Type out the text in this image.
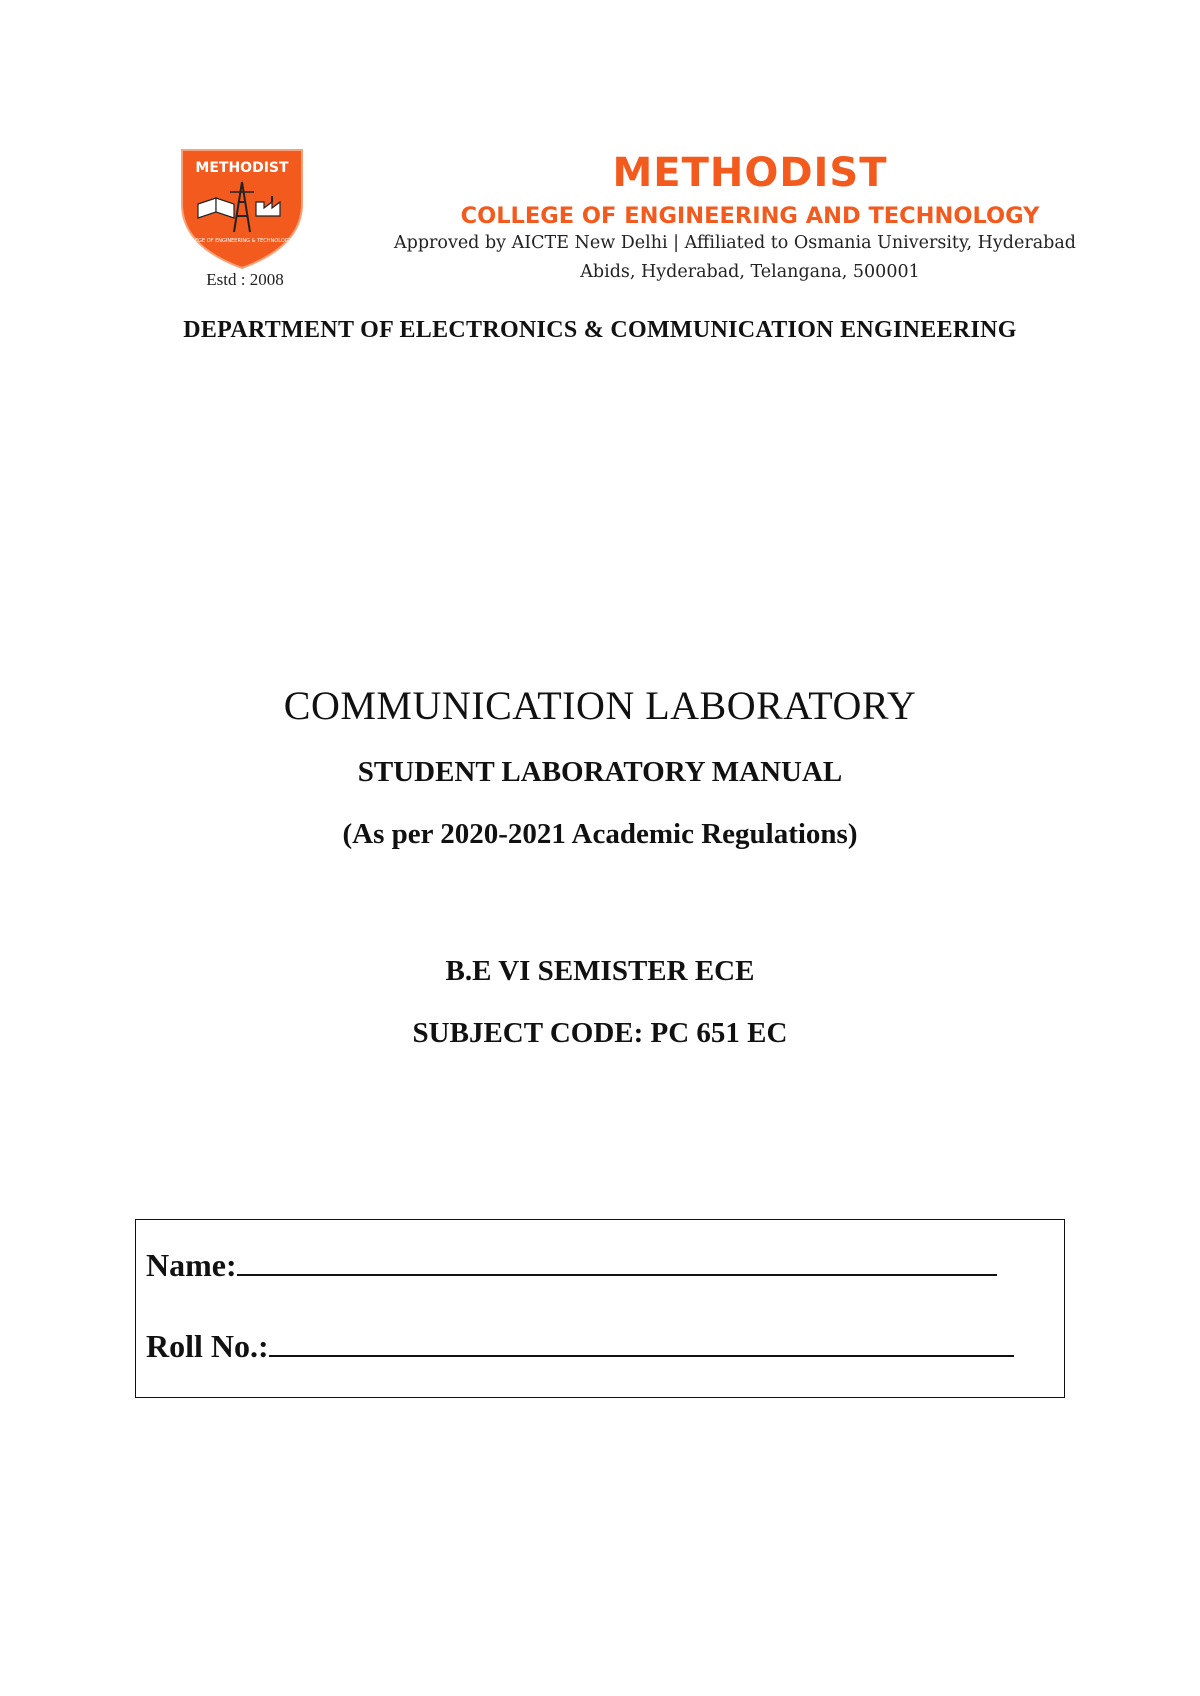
METHODIST
COLLEGE OF ENGINEERING & TECHNOLOGY O.U
Estd : 2008
METHODIST
COLLEGE OF ENGINEERING AND TECHNOLOGY
Approved by AICTE New Delhi | Affiliated to Osmania University, Hyderabad
Abids, Hyderabad, Telangana, 500001
DEPARTMENT OF ELECTRONICS & COMMUNICATION ENGINEERING
COMMUNICATION LABORATORY
STUDENT LABORATORY MANUAL
(As per 2020-2021 Academic Regulations)
B.E VI SEMISTER ECE
SUBJECT CODE: PC 651 EC
Name:
Roll No.:
